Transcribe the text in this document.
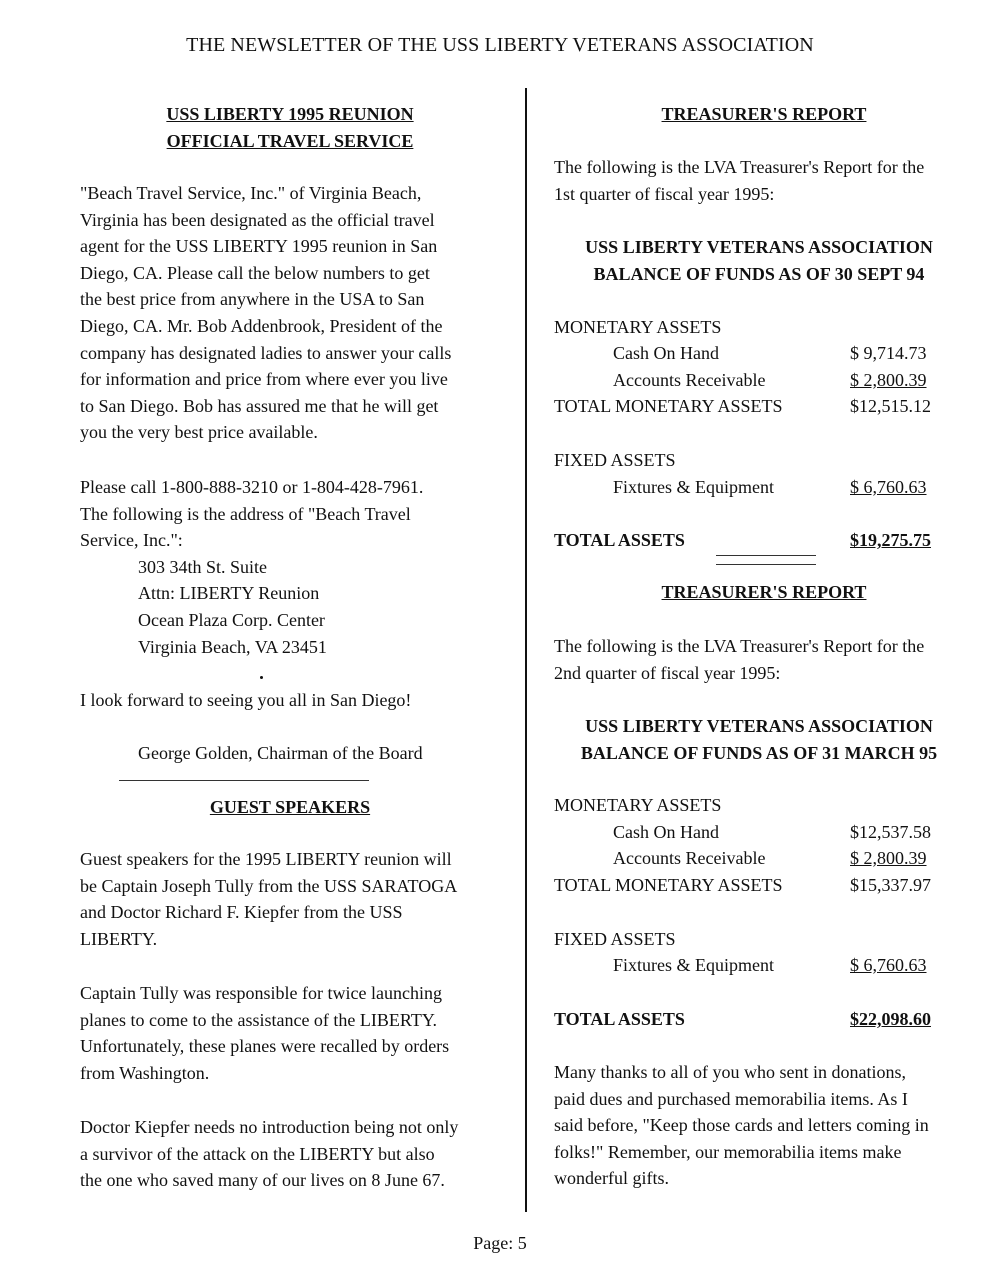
THE NEWSLETTER OF THE USS LIBERTY VETERANS ASSOCIATION
USS LIBERTY 1995 REUNION
OFFICIAL TRAVEL SERVICE
"Beach Travel Service, Inc." of Virginia Beach,
Virginia has been designated as the official travel
agent for the USS LIBERTY 1995 reunion in San
Diego, CA. Please call the below numbers to get
the best price from anywhere in the USA to San
Diego, CA. Mr. Bob Addenbrook, President of the
company has designated ladies to answer your calls
for information and price from where ever you live
to San Diego. Bob has assured me that he will get
you the very best price available.
Please call 1-800-888-3210 or 1-804-428-7961.
The following is the address of "Beach Travel
Service, Inc.":
303 34th St. Suite
Attn: LIBERTY Reunion
Ocean Plaza Corp. Center
Virginia Beach, VA 23451
I look forward to seeing you all in San Diego!
George Golden, Chairman of the Board
GUEST SPEAKERS
Guest speakers for the 1995 LIBERTY reunion will
be Captain Joseph Tully from the USS SARATOGA
and Doctor Richard F. Kiepfer from the USS
LIBERTY.
Captain Tully was responsible for twice launching
planes to come to the assistance of the LIBERTY.
Unfortunately, these planes were recalled by orders
from Washington.
Doctor Kiepfer needs no introduction being not only
a survivor of the attack on the LIBERTY but also
the one who saved many of our lives on 8 June 67.
TREASURER'S REPORT
The following is the LVA Treasurer's Report for the
1st quarter of fiscal year 1995:
USS LIBERTY VETERANS ASSOCIATION
BALANCE OF FUNDS AS OF 30 SEPT 94
MONETARY ASSETS
Cash On Hand	$ 9,714.73
Accounts Receivable	$ 2,800.39
TOTAL MONETARY ASSETS	$12,515.12
FIXED ASSETS
Fixtures & Equipment	$ 6,760.63
TOTAL ASSETS	$19,275.75
TREASURER'S REPORT
The following is the LVA Treasurer's Report for the
2nd quarter of fiscal year 1995:
USS LIBERTY VETERANS ASSOCIATION
BALANCE OF FUNDS AS OF 31 MARCH 95
MONETARY ASSETS
Cash On Hand	$12,537.58
Accounts Receivable	$ 2,800.39
TOTAL MONETARY ASSETS	$15,337.97
FIXED ASSETS
Fixtures & Equipment	$ 6,760.63
TOTAL ASSETS	$22,098.60
Many thanks to all of you who sent in donations,
paid dues and purchased memorabilia items. As I
said before, "Keep those cards and letters coming in
folks!" Remember, our memorabilia items make
wonderful gifts.
Page: 5
